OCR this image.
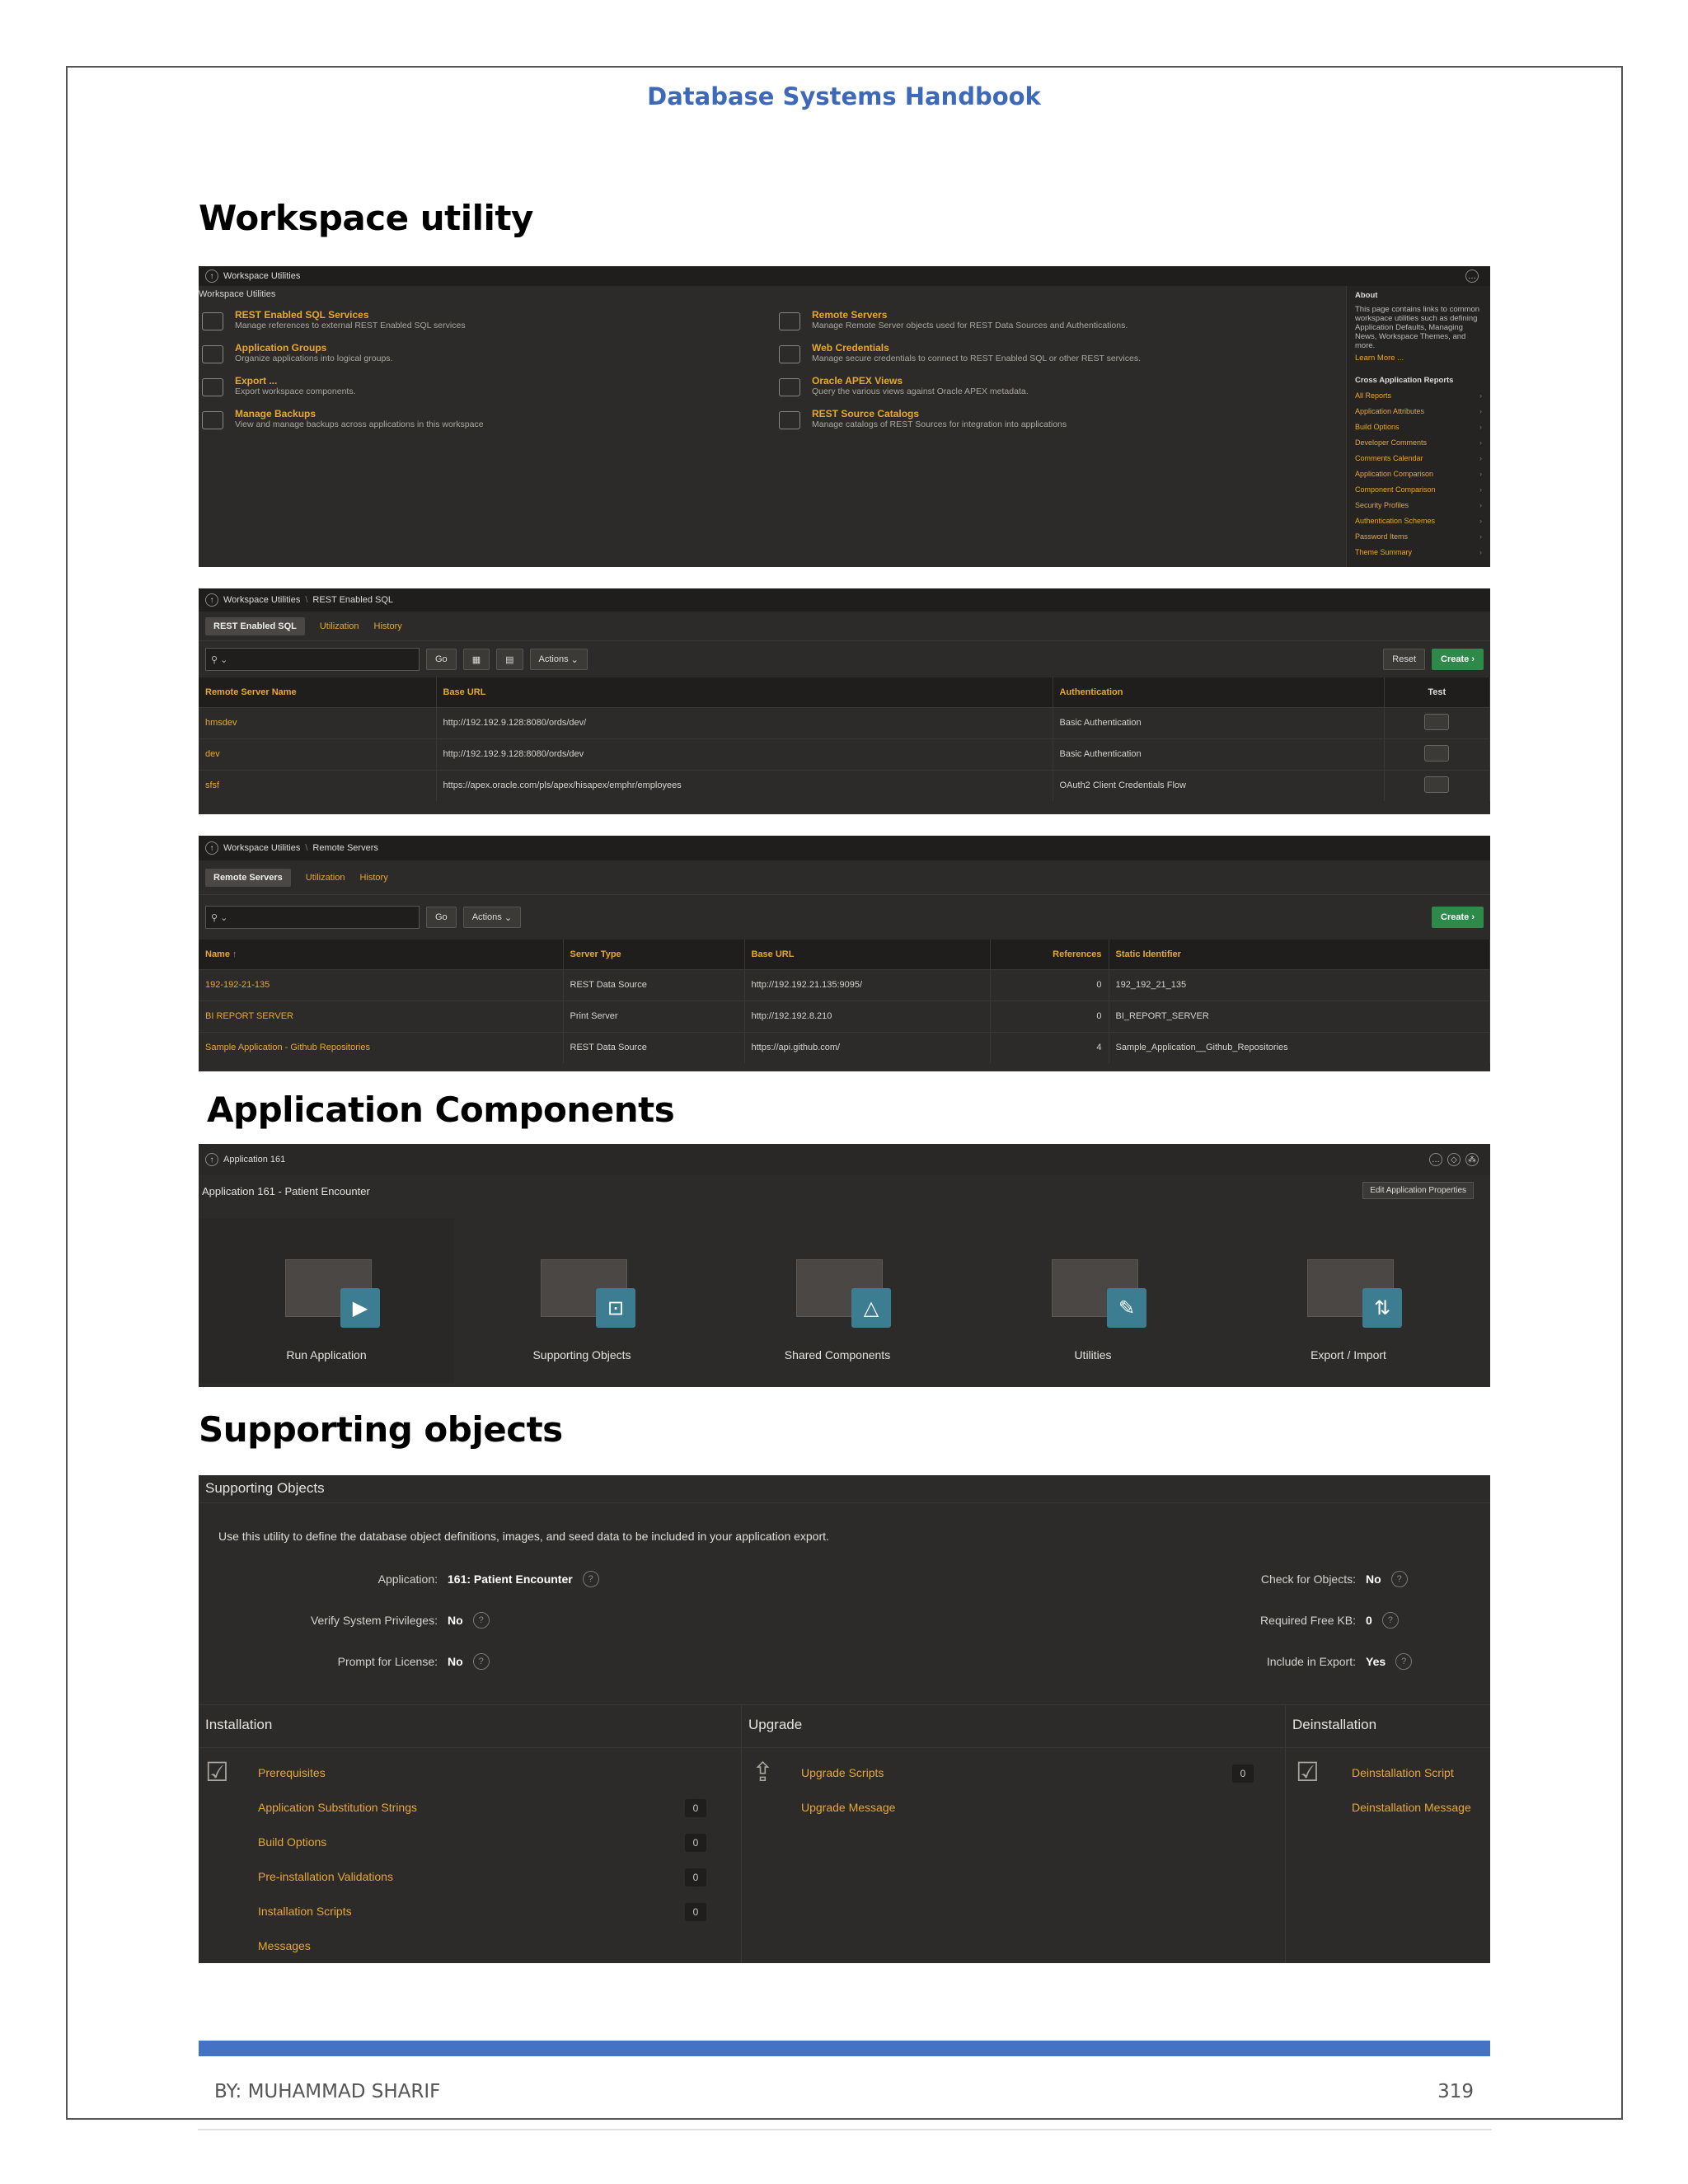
Database Systems Handbook
Workspace utility
↑	Workspace Utilities	…
Workspace Utilities
REST Enabled SQL Services
Manage references to external REST Enabled SQL services
Remote Servers
Manage Remote Server objects used for REST Data Sources and Authentications.
Application Groups
Organize applications into logical groups.
Web Credentials
Manage secure credentials to connect to REST Enabled SQL or other REST services.
Export ...
Export workspace components.
Oracle APEX Views
Query the various views against Oracle APEX metadata.
Manage Backups
View and manage backups across applications in this workspace
REST Source Catalogs
Manage catalogs of REST Sources for integration into applications
About
This page contains links to common workspace utilities such as defining Application Defaults, Managing News, Workspace Themes, and more.
Learn More ...
Cross Application Reports
All Reports ›
Application Attributes ›
Build Options ›
Developer Comments ›
Comments Calendar ›
Application Comparison ›
Component Comparison ›
Security Profiles ›
Authentication Schemes ›
Password Items ›
Theme Summary ›
↑	Workspace Utilities \ REST Enabled SQL
REST Enabled SQL	Utilization History
⚲ ⌄	Go	▦	▤	Actions ⌄	Reset	Create ›
Remote Server Name	Base URL	Authentication	Test
hmsdev	http://192.192.9.128:8080/ords/dev/	Basic Authentication	
dev	http://192.192.9.128:8080/ords/dev	Basic Authentication	
sfsf	https://apex.oracle.com/pls/apex/hisapex/emphr/employees	OAuth2 Client Credentials Flow	
↑	Workspace Utilities \ Remote Servers
Remote Servers	Utilization History
⚲ ⌄	Go	Actions ⌄	Create ›
Name ↑	Server Type	Base URL	References	Static Identifier
192-192-21-135	REST Data Source	http://192.192.21.135:9095/	0	192_192_21_135
BI REPORT SERVER	Print Server	http://192.192.8.210	0	BI_REPORT_SERVER
Sample Application - Github Repositories	REST Data Source	https://api.github.com/	4	Sample_Application__Github_Repositories
Application Components
↑	Application 161	…	◇	⁂
Application 161 - Patient Encounter	Edit Application Properties
▶
Run Application
⊡
Supporting Objects
△
Shared Components
✎
Utilities
⇅
Export / Import
Supporting objects
Supporting Objects
Use this utility to define the database object definitions, images, and seed data to be included in your application export.
Application: 161: Patient Encounter	?
Verify System Privileges: No	?
Prompt for License: No	?
Check for Objects: No	?
Required Free KB: 0	?
Include in Export: Yes	?
Installation
☑	Prerequisites
Application Substitution Strings	0
Build Options	0
Pre-installation Validations	0
Installation Scripts	0
Messages
Upgrade
⇪ Upgrade Scripts	0
Upgrade Message
Deinstallation
☑	Deinstallation Script
Deinstallation Message
BY: MUHAMMAD SHARIF	319
